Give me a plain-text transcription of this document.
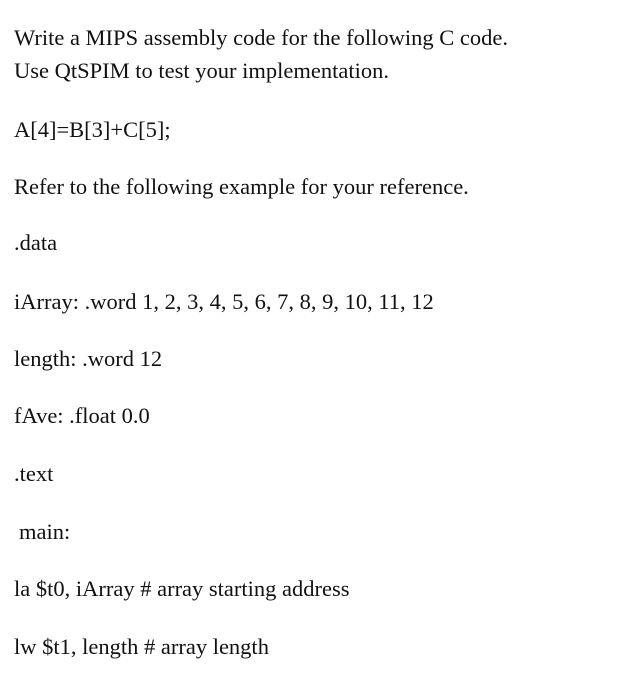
Write a MIPS assembly code for the following C code.
Use QtSPIM to test your implementation.
A[4]=B[3]+C[5];
Refer to the following example for your reference.
.data
iArray: .word 1, 2, 3, 4, 5, 6, 7, 8, 9, 10, 11, 12
length: .word 12
fAve: .float 0.0
.text
main:
la $t0, iArray # array starting address
lw $t1, length # array length
